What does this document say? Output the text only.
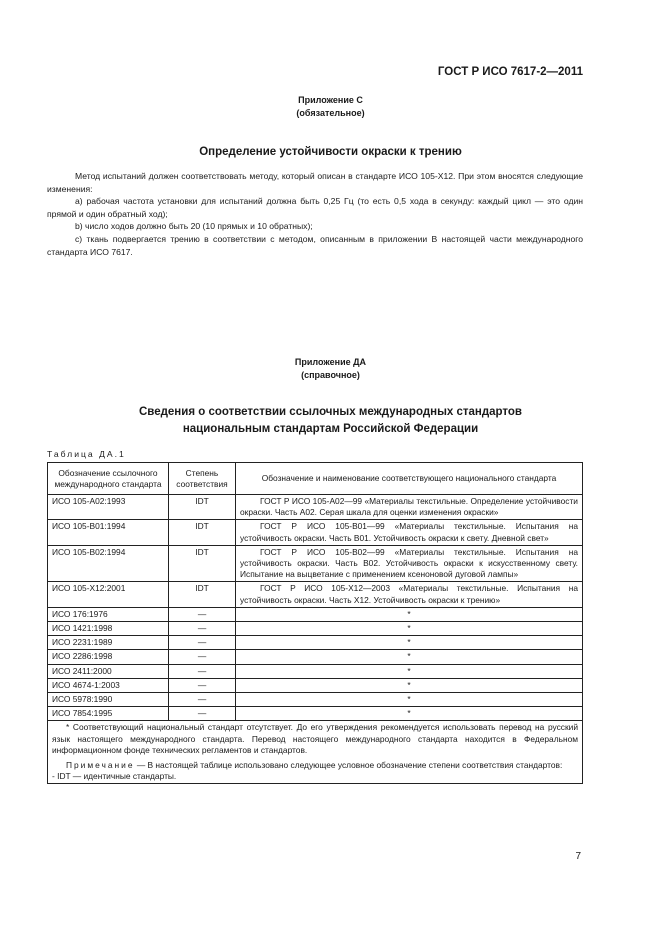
ГОСТ Р ИСО 7617-2—2011
Приложение С
(обязательное)
Определение устойчивости окраски к трению

Метод испытаний должен соответствовать методу, который описан в стандарте ИСО 105-Х12. При этом вносятся следующие изменения:

а) рабочая частота установки для испытаний должна быть 0,25 Гц (то есть 0,5 хода в секунду: каждый цикл — это один прямой и один обратный ход);

b) число ходов должно быть 20 (10 прямых и 10 обратных);

с) ткань подвергается трению в соответствии с методом, описанным в приложении В настоящей части международного стандарта ИСО 7617.

Приложение ДА
(справочное)
Сведения о соответствии ссылочных международных стандартов
национальным стандартам Российской Федерации
Таблица ДА.1
Обозначение ссылочного международного стандарта	Степень соответствия	Обозначение и наименование соответствующего национального стандарта
ИСО 105-А02:1993	IDT	ГОСТ Р ИСО 105-А02—99 «Материалы текстильные. Определение устойчивости окраски. Часть А02. Серая шкала для оценки изменения окраски»
ИСО 105-В01:1994	IDT	ГОСТ Р ИСО 105-В01—99 «Материалы текстильные. Испытания на устойчивость окраски. Часть В01. Устойчивость окраски к свету. Дневной свет»
ИСО 105-В02:1994	IDT	ГОСТ Р ИСО 105-В02—99 «Материалы текстильные. Испытания на устойчивость окраски. Часть В02. Устойчивость окраски к искусственному свету. Испытание на выцветание с применением ксеноновой дуговой лампы»
ИСО 105-Х12:2001	IDT	ГОСТ Р ИСО 105-Х12—2003 «Материалы текстильные. Испытания на устойчивость окраски. Часть Х12. Устойчивость окраски к трению»
ИСО 176:1976	—	*
ИСО 1421:1998	—	*
ИСО 2231:1989	—	*
ИСО 2286:1998	—	*
ИСО 2411:2000	—	*
ИСО 4674-1:2003	—	*
ИСО 5978:1990	—	*
ИСО 7854:1995	—	*

* Соответствующий национальный стандарт отсутствует. До его утверждения рекомендуется использовать перевод на русский язык настоящего международного стандарта. Перевод настоящего международного стандарта находится в Федеральном информационном фонде технических регламентов и стандартов.

Примечание — В настоящей таблице использовано следующее условное обозначение степени соответствия стандартов:

- IDT — идентичные стандарты.		

7
